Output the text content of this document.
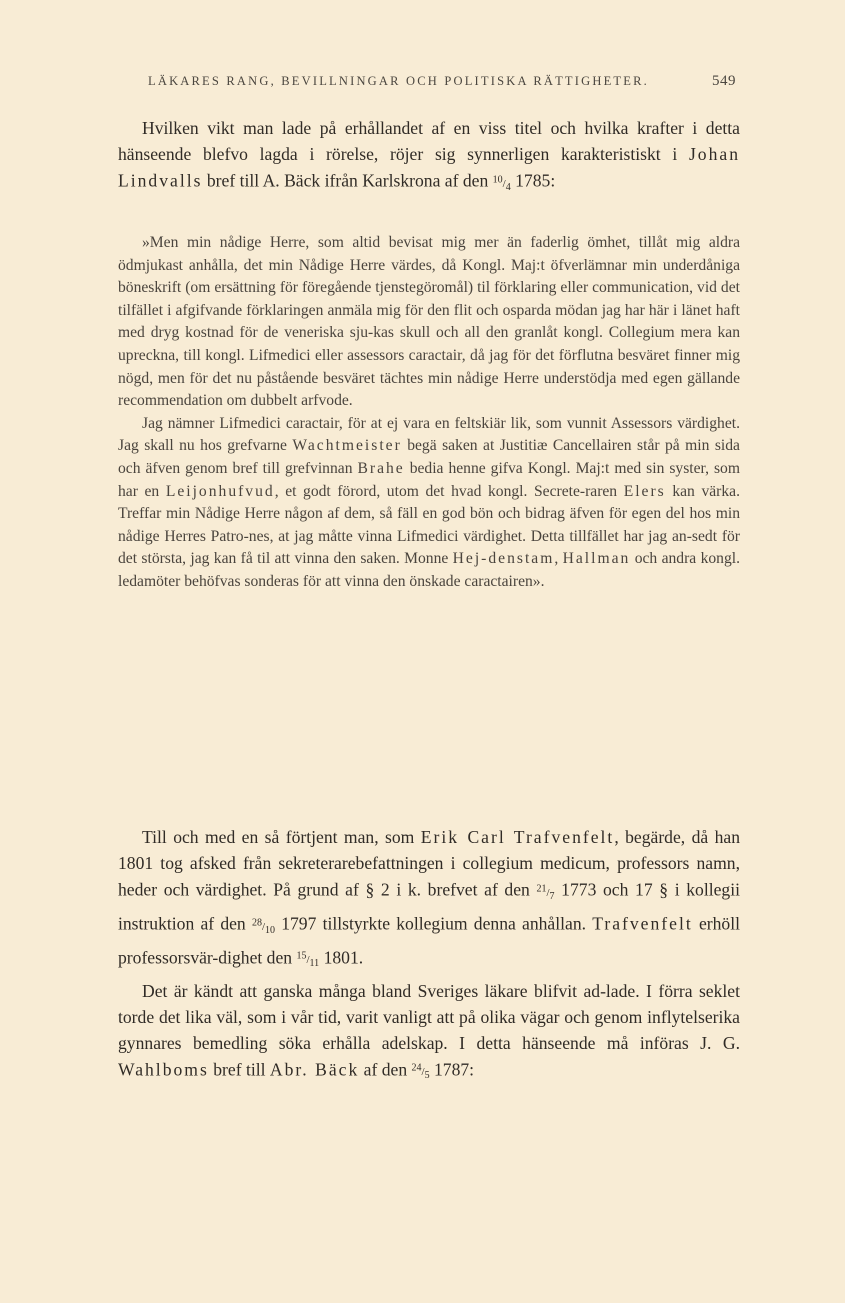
LÄKARES RANG, BEVILLNINGAR OCH POLITISKA RÄTTIGHETER.	549

Hvilken vikt man lade på erhållandet af en viss titel och hvilka krafter i detta hänseende blefvo lagda i rörelse, röjer sig synnerligen karakteristiskt i Johan Lindvalls bref till A. Bäck ifrån Karlskrona af den 10/4 1785:

»Men min nådige Herre, som altid bevisat mig mer än faderlig ömhet, tillåt mig aldra ödmjukast anhålla, det min Nådige Herre värdes, då Kongl. Maj:t öfverlämnar min underdåniga böneskrift (om ersättning för föregående tjenstegöromål) til förklaring eller communication, vid det tilfället i afgifvande förklaringen anmäla mig för den flit och osparda mödan jag har här i länet haft med dryg kostnad för de veneriska sju-kas skull och all den granlåt kongl. Collegium mera kan upreckna, till kongl. Lifmedici eller assessors caractair, då jag för det förflutna besväret finner mig nögd, men för det nu påstående besväret tächtes min nådige Herre understödja med egen gällande recommendation om dubbelt arfvode.

Jag nämner Lifmedici caractair, för at ej vara en feltskiär lik, som vunnit Assessors värdighet. Jag skall nu hos grefvarne Wachtmeister begä saken at Justitiæ Cancellairen står på min sida och äfven genom bref till grefvinnan Brahe bedia henne gifva Kongl. Maj:t med sin syster, som har en Leijonhufvud, et godt förord, utom det hvad kongl. Secrete-raren Elers kan värka. Treffar min Nådige Herre någon af dem, så fäll en god bön och bidrag äfven för egen del hos min nådige Herres Patro-nes, at jag måtte vinna Lifmedici värdighet. Detta tillfället har jag an-sedt för det största, jag kan få til att vinna den saken. Monne Hej-denstam, Hallman och andra kongl. ledamöter behöfvas sonderas för att vinna den önskade caractairen».

Till och med en så förtjent man, som Erik Carl Trafvenfelt, begärde, då han 1801 tog afsked från sekreterarebefattningen i collegium medicum, professors namn, heder och värdighet. På grund af § 2 i k. brefvet af den 21/7 1773 och 17 § i kollegii instruktion af den 28/10 1797 tillstyrkte kollegium denna anhållan. Trafvenfelt erhöll professorsvär-dighet den 15/11 1801.

Det är kändt att ganska många bland Sveriges läkare blifvit ad-lade. I förra seklet torde det lika väl, som i vår tid, varit vanligt att på olika vägar och genom inflytelserika gynnares bemedling söka erhålla adelskap. I detta hänseende må införas J. G. Wahlboms bref till Abr. Bäck af den 24/5 1787:
